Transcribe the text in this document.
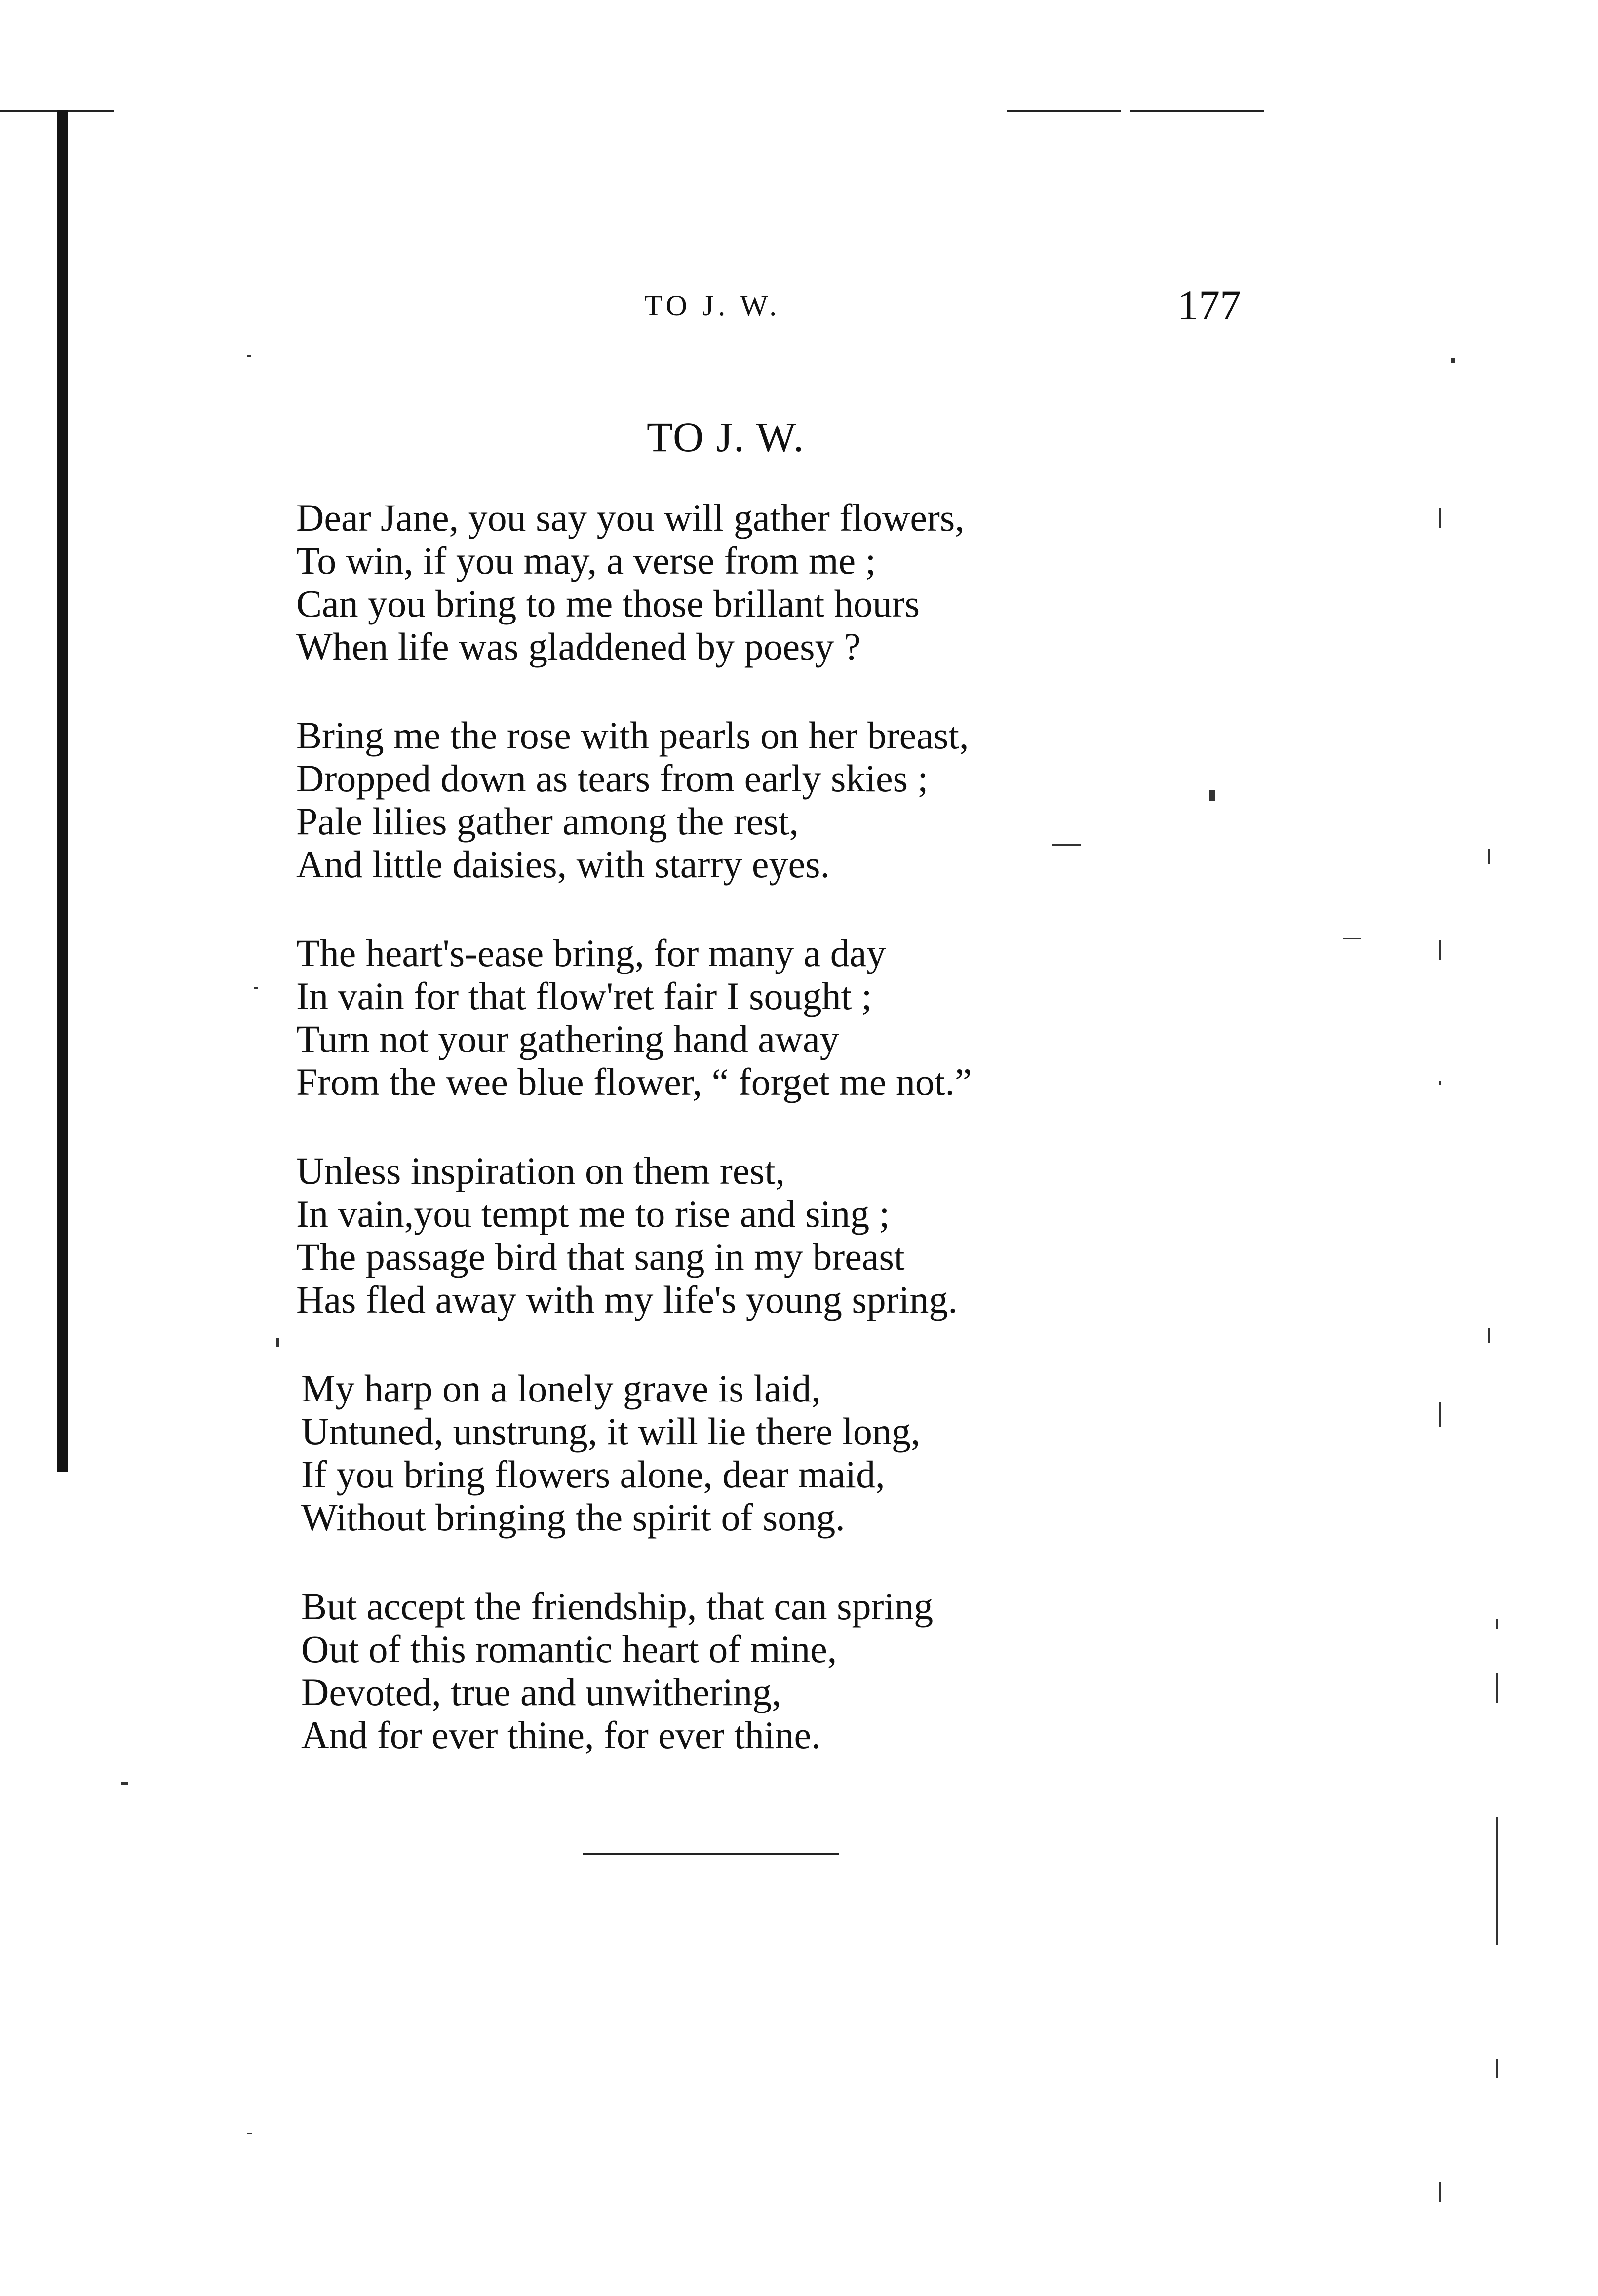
TO J. W.	177
TO J. W.
Dear Jane, you say you will gather flowers,
To win, if you may, a verse from me ;
Can you bring to me those brillant hours
When life was gladdened by poesy ?
Bring me the rose with pearls on her breast,
Dropped down as tears from early skies ;
Pale lilies gather among the rest,
And little daisies, with starry eyes.
The heart's-ease bring, for many a day
In vain for that flow'ret fair I sought ;
Turn not your gathering hand away
From the wee blue flower, “ forget me not.”
Unless inspiration on them rest,
In vain,you tempt me to rise and sing ;
The passage bird that sang in my breast
Has fled away with my life's young spring.
My harp on a lonely grave is laid,
Untuned, unstrung, it will lie there long,
If you bring flowers alone, dear maid,
Without bringing the spirit of song.
But accept the friendship, that can spring
Out of this romantic heart of mine,
Devoted, true and unwithering,
And for ever thine, for ever thine.
